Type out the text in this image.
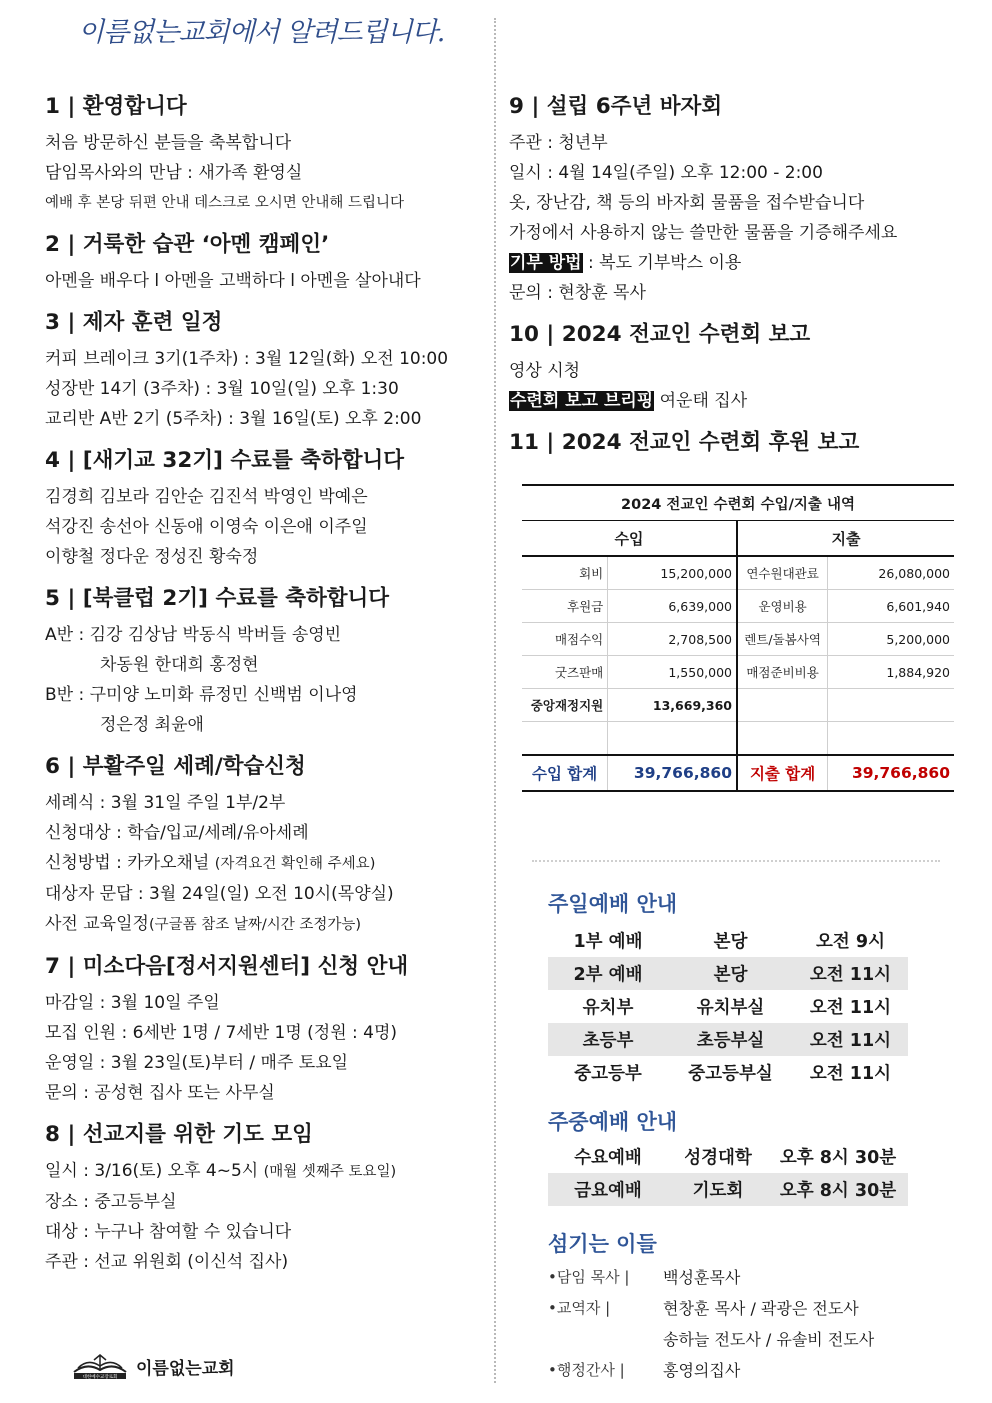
이름없는교회에서 알려드립니다.
1 | 환영합니다
처음 방문하신 분들을 축복합니다
담임목사와의 만남 : 새가족 환영실
예배 후 본당 뒤편 안내 데스크로 오시면 안내해 드립니다
2 | 거룩한 습관 ‘아멘 캠페인’
아멘을 배우다 l 아멘을 고백하다 l 아멘을 살아내다
3 | 제자 훈련 일정
커피 브레이크 3기(1주차) : 3월 12일(화) 오전 10:00
성장반 14기 (3주차) : 3월 10일(일) 오후 1:30
교리반 A반 2기 (5주차) : 3월 16일(토) 오후 2:00
4 | [새기교 32기] 수료를 축하합니다
김경희 김보라 김안순 김진석 박영인 박예은
석강진 송선아 신동애 이영숙 이은애 이주일
이향철 정다운 정성진 황숙정
5 | [북클럽 2기] 수료를 축하합니다
A반 : 김강 김상남 박동식 박버들 송영빈
차동원 한대희 홍정현
B반 : 구미양 노미화 류정민 신백범 이나영
정은정 최윤애
6 | 부활주일 세례/학습신청
세례식 : 3월 31일 주일 1부/2부
신청대상 : 학습/입교/세례/유아세례
신청방법 : 카카오채널 (자격요건 확인해 주세요)
대상자 문답 : 3월 24일(일) 오전 10시(목양실)
사전 교육일정(구글폼 참조 날짜/시간 조정가능)
7 | 미소다음[정서지원센터] 신청 안내
마감일 : 3월 10일 주일
모집 인원 : 6세반 1명 / 7세반 1명 (정원 : 4명)
운영일 : 3월 23일(토)부터 / 매주 토요일
문의 : 공성현 집사 또는 사무실
8 | 선교지를 위한 기도 모임
일시 : 3/16(토) 오후 4~5시 (매월 셋째주 토요일)
장소 : 중고등부실
대상 : 누구나 참여할 수 있습니다
주관 : 선교 위원회 (이신석 집사)
9 | 설립 6주년 바자회
주관 : 청년부
일시 : 4월 14일(주일) 오후 12:00 - 2:00
옷, 장난감, 책 등의 바자회 물품을 접수받습니다
가정에서 사용하지 않는 쓸만한 물품을 기증해주세요
기부 방법 : 복도 기부박스 이용
문의 : 현창훈 목사
10 | 2024 전교인 수련회 보고
영상 시청
수련회 보고 브리핑 여운태 집사
11 | 2024 전교인 수련회 후원 보고
2024 전교인 수련회 수입/지출 내역			
수입		지출	
회비	15,200,000	연수원대관료	26,080,000
후원금	6,639,000	운영비용	6,601,940
매점수익	2,708,500	렌트/돌봄사역	5,200,000
굿즈판매	1,550,000	매점준비비용	1,884,920
중앙재정지원	13,669,360		

수입 합계	39,766,860	지출 합계	39,766,860
주일예배 안내
1부 예배	본당	오전 9시
2부 예배	본당	오전 11시
유치부	유치부실	오전 11시
초등부	초등부실	오전 11시
중고등부	중고등부실	오전 11시
주중예배 안내
수요예배	성경대학	오후 8시 30분
금요예배	기도회	오후 8시 30분
섬기는 이들
•담임 목사 |	백성훈목사
•교역자 |	현창훈 목사 / 곽광은 전도사
송하늘 전도사 / 유솔비 전도사
•행정간사 |	홍영의집사
대한예수교장로회 이름없는교회
